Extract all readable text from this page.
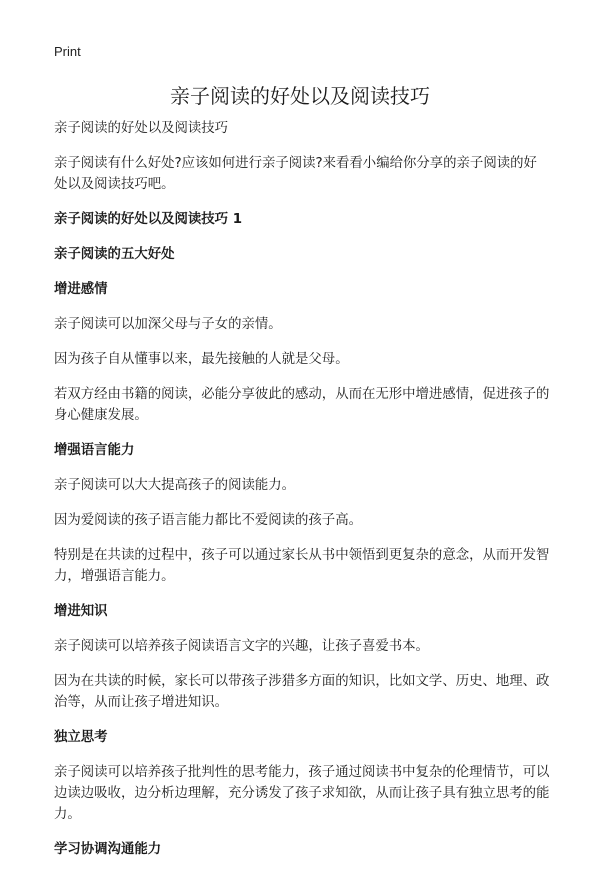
Print
亲子阅读的好处以及阅读技巧

亲子阅读的好处以及阅读技巧

亲子阅读有什么好处?应该如何进行亲子阅读?来看看小编给你分享的亲子阅读的好处以及阅读技巧吧。

亲子阅读的好处以及阅读技巧 1

亲子阅读的五大好处

增进感情

亲子阅读可以加深父母与子女的亲情。

因为孩子自从懂事以来，最先接触的人就是父母。

若双方经由书籍的阅读，必能分享彼此的感动，从而在无形中增进感情，促进孩子的身心健康发展。

增强语言能力

亲子阅读可以大大提高孩子的阅读能力。

因为爱阅读的孩子语言能力都比不爱阅读的孩子高。

特别是在共读的过程中，孩子可以通过家长从书中领悟到更复杂的意念，从而开发智力，增强语言能力。

增进知识

亲子阅读可以培养孩子阅读语言文字的兴趣，让孩子喜爱书本。

因为在共读的时候，家长可以带孩子涉猎多方面的知识，比如文学、历史、地理、政治等，从而让孩子增进知识。

独立思考

亲子阅读可以培养孩子批判性的思考能力，孩子通过阅读书中复杂的伦理情节，可以边读边吸收，边分析边理解，充分诱发了孩子求知欲，从而让孩子具有独立思考的能力。

学习协调沟通能力
